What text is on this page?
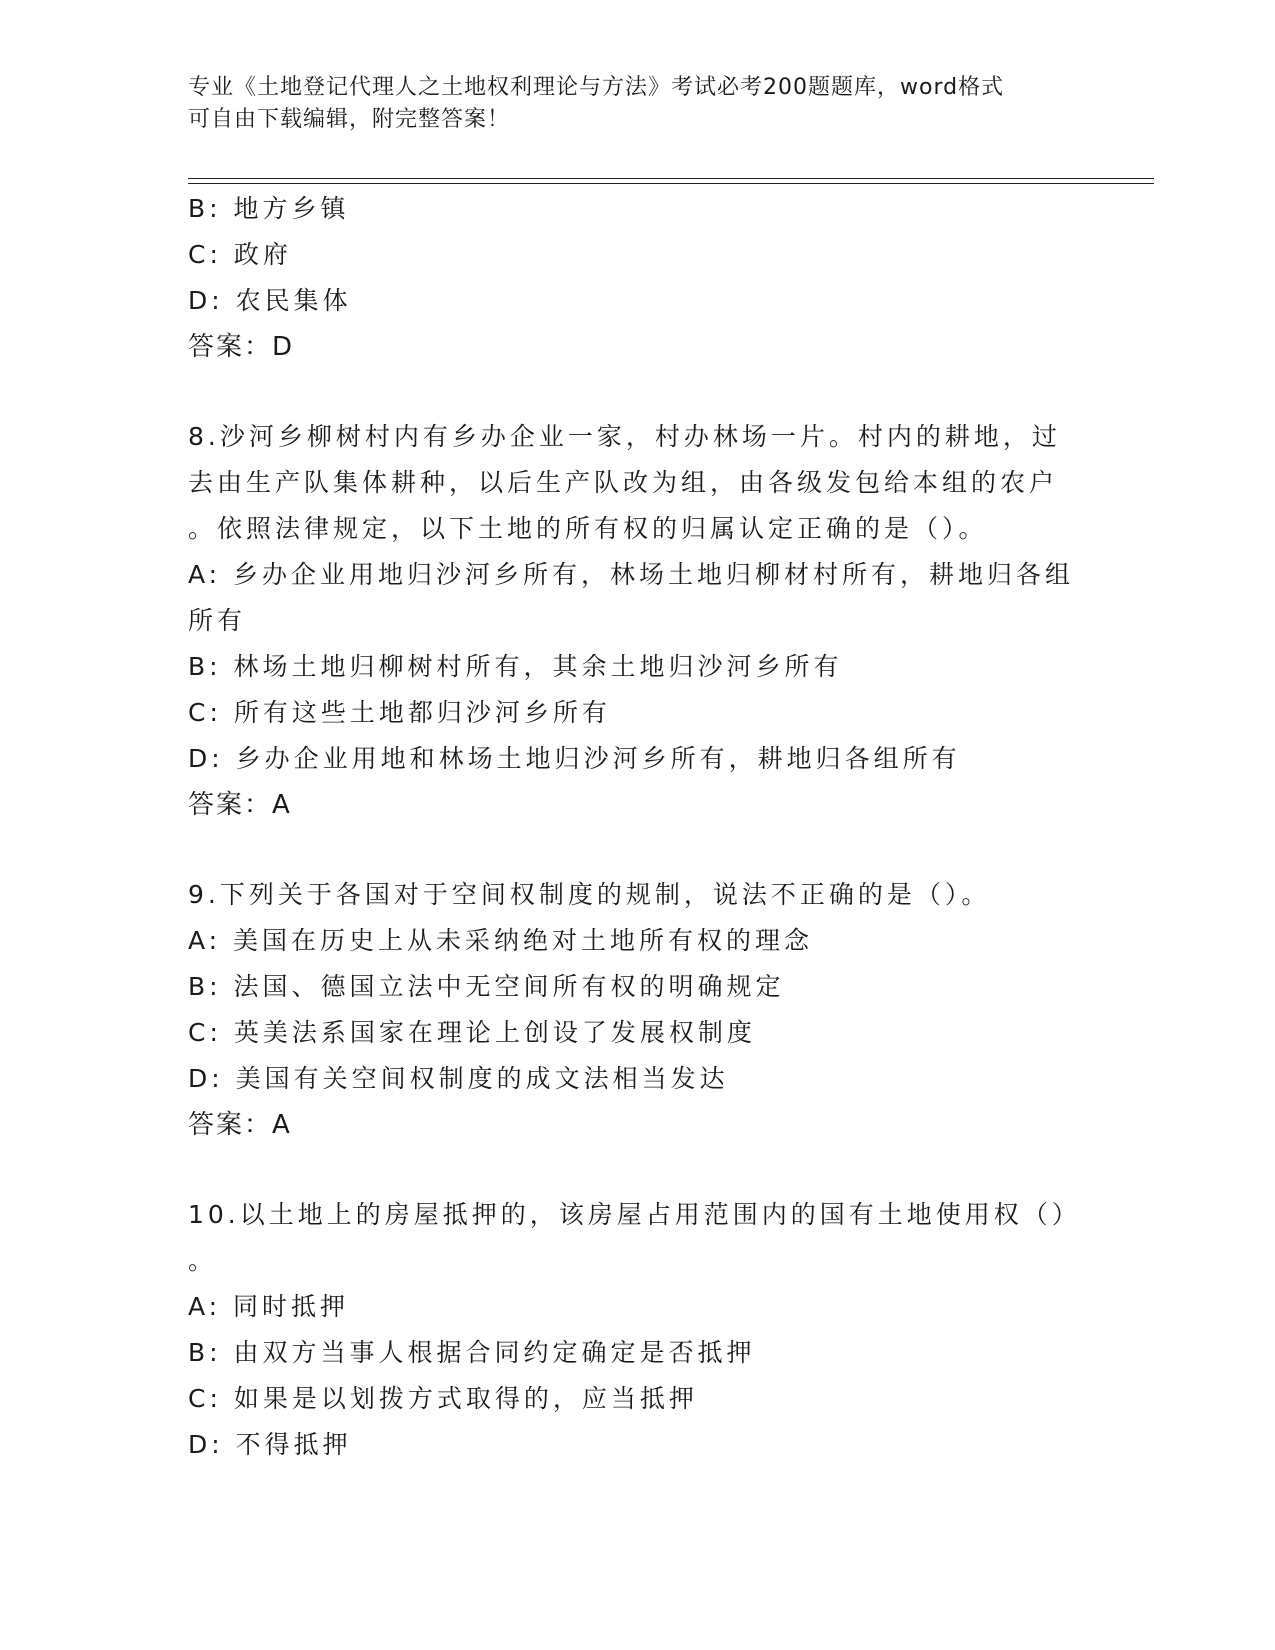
专业《土地登记代理人之土地权利理论与方法》考试必考200题题库，word格式
可自由下载编辑，附完整答案！
B: 地方乡镇
C: 政府
D: 农民集体
答案：D
8.沙河乡柳树村内有乡办企业一家，村办林场一片。村内的耕地，过
去由生产队集体耕种，以后生产队改为组，由各级发包给本组的农户
。依照法律规定，以下土地的所有权的归属认定正确的是（）。
A: 乡办企业用地归沙河乡所有，林场土地归柳材村所有，耕地归各组
所有
B: 林场土地归柳树村所有，其余土地归沙河乡所有
C: 所有这些土地都归沙河乡所有
D: 乡办企业用地和林场土地归沙河乡所有，耕地归各组所有
答案：A
9.下列关于各国对于空间权制度的规制，说法不正确的是（）。
A: 美国在历史上从未采纳绝对土地所有权的理念
B: 法国、德国立法中无空间所有权的明确规定
C: 英美法系国家在理论上创设了发展权制度
D: 美国有关空间权制度的成文法相当发达
答案：A
10.以土地上的房屋抵押的，该房屋占用范围内的国有土地使用权（）
。
A: 同时抵押
B: 由双方当事人根据合同约定确定是否抵押
C: 如果是以划拨方式取得的，应当抵押
D: 不得抵押
